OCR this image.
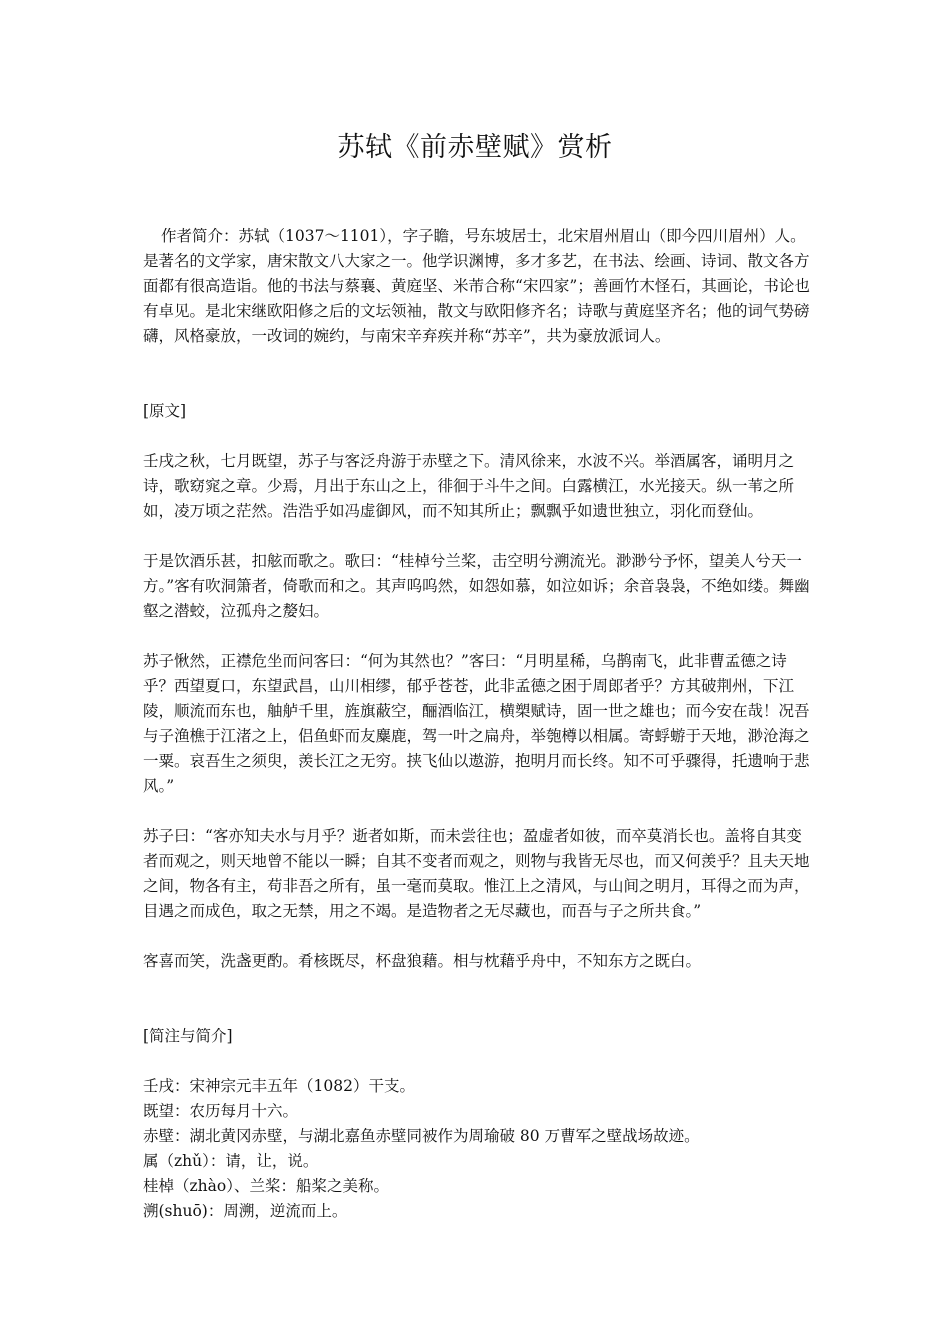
苏轼《前赤壁赋》赏析

作者简介：苏轼（1037～1101），字子瞻，号东坡居士，北宋眉州眉山（即今四川眉州）人。是著名的文学家，唐宋散文八大家之一。他学识渊博，多才多艺，在书法、绘画、诗词、散文各方面都有很高造诣。他的书法与蔡襄、黄庭坚、米芾合称“宋四家”；善画竹木怪石，其画论，书论也有卓见。是北宋继欧阳修之后的文坛领袖，散文与欧阳修齐名；诗歌与黄庭坚齐名；他的词气势磅礴，风格豪放，一改词的婉约，与南宋辛弃疾并称“苏辛”，共为豪放派词人。

[原文]

壬戌之秋，七月既望，苏子与客泛舟游于赤壁之下。清风徐来，水波不兴。举酒属客，诵明月之诗，歌窈窕之章。少焉，月出于东山之上，徘徊于斗牛之间。白露横江，水光接天。纵一苇之所如，凌万顷之茫然。浩浩乎如冯虚御风，而不知其所止；飘飘乎如遗世独立，羽化而登仙。

于是饮酒乐甚，扣舷而歌之。歌曰：“桂棹兮兰桨，击空明兮溯流光。渺渺兮予怀，望美人兮天一方。”客有吹洞箫者，倚歌而和之。其声呜呜然，如怨如慕，如泣如诉；余音袅袅，不绝如缕。舞幽壑之潜蛟，泣孤舟之嫠妇。

苏子愀然，正襟危坐而问客曰：“何为其然也？”客曰：“月明星稀，乌鹊南飞，此非曹孟德之诗乎？西望夏口，东望武昌，山川相缪，郁乎苍苍，此非孟德之困于周郎者乎？方其破荆州，下江陵，顺流而东也，舳舻千里，旌旗蔽空，酾酒临江，横槊赋诗，固一世之雄也；而今安在哉！况吾与子渔樵于江渚之上，侣鱼虾而友麋鹿，驾一叶之扁舟，举匏樽以相属。寄蜉蝣于天地，渺沧海之一粟。哀吾生之须臾，羡长江之无穷。挟飞仙以遨游，抱明月而长终。知不可乎骤得，托遗响于悲风。”

苏子曰：“客亦知夫水与月乎？逝者如斯，而未尝往也；盈虚者如彼，而卒莫消长也。盖将自其变者而观之，则天地曾不能以一瞬；自其不变者而观之，则物与我皆无尽也，而又何羡乎？且夫天地之间，物各有主，苟非吾之所有，虽一毫而莫取。惟江上之清风，与山间之明月，耳得之而为声，目遇之而成色，取之无禁，用之不竭。是造物者之无尽藏也，而吾与子之所共食。”

客喜而笑，洗盏更酌。肴核既尽，杯盘狼藉。相与枕藉乎舟中，不知东方之既白。

[简注与简介]

壬戌：宋神宗元丰五年（1082）干支。

既望：农历每月十六。

赤壁：湖北黄冈赤壁，与湖北嘉鱼赤壁同被作为周瑜破 80 万曹军之壁战场故迹。

属（zhǔ）：请，让，说。

桂棹（zhào）、兰桨：船桨之美称。

溯(shuō)：周溯，逆流而上。
